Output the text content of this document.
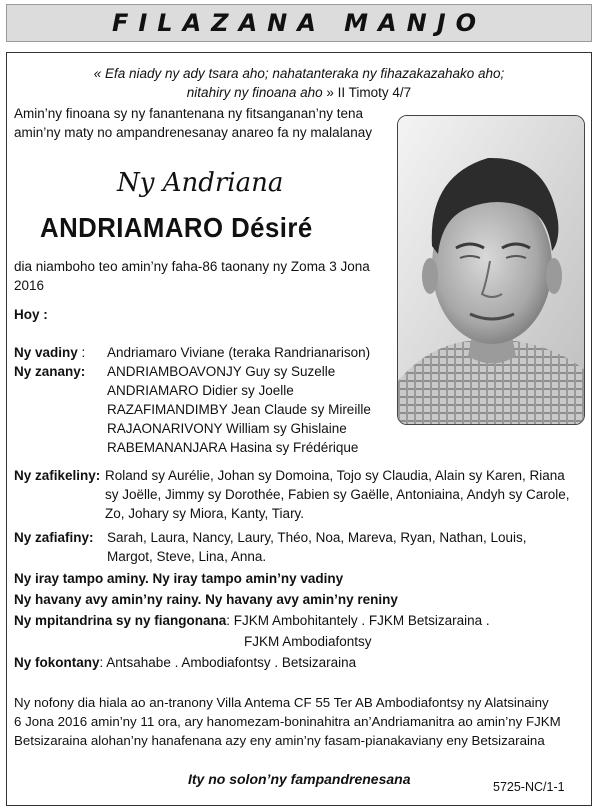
FILAZANA MANJO
« Efa niady ny ady tsara aho; nahatanteraka ny fihazakazahako aho;
nitahiry ny finoana aho » II Timoty 4/7
Amin’ny finoana sy ny fanantenana ny fitsanganan’ny tena
amin’ny maty no ampandrenesanay anareo fa ny malalanay
Ny Andriana
ANDRIAMARO Désiré
dia niamboho teo amin’ny faha-86 taonany ny Zoma 3 Jona
2016
Hoy :
Ny vadiny : Andriamaro Viviane (teraka Randrianarison)
Ny zanany: ANDRIAMBOAVONJY Guy sy Suzelle
ANDRIAMARO Didier sy Joelle
RAZAFIMANDIMBY Jean Claude sy Mireille
RAJAONARIVONY William sy Ghislaine
RABEMANANJARA Hasina sy Frédérique
Ny zafikeliny: Roland sy Aurélie, Johan sy Domoina, Tojo sy Claudia, Alain sy Karen, Riana
sy Joëlle, Jimmy sy Dorothée, Fabien sy Gaëlle, Antoniaina, Andyh sy Carole,
Zo, Johary sy Miora, Kanty, Tiary.
Ny zafiafiny: Sarah, Laura, Nancy, Laury, Théo, Noa, Mareva, Ryan, Nathan, Louis,
Margot, Steve, Lina, Anna.
Ny iray tampo aminy. Ny iray tampo amin’ny vadiny
Ny havany avy amin’ny rainy. Ny havany avy amin’ny reniny
Ny mpitandrina sy ny fiangonana: FJKM Ambohitantely . FJKM Betsizaraina .
FJKM Ambodiafontsy
Ny fokontany: Antsahabe . Ambodiafontsy . Betsizaraina
Ny nofony dia hiala ao an-tranony Villa Antema CF 55 Ter AB Ambodiafontsy ny Alatsinainy
6 Jona 2016 amin’ny 11 ora, ary hanomezam-boninahitra an’Andriamanitra ao amin’ny FJKM
Betsizaraina alohan’ny hanafenana azy eny amin’ny fasam-pianakaviany eny Betsizaraina
Ity no solon’ny fampandrenesana	5725-NC/1-1
